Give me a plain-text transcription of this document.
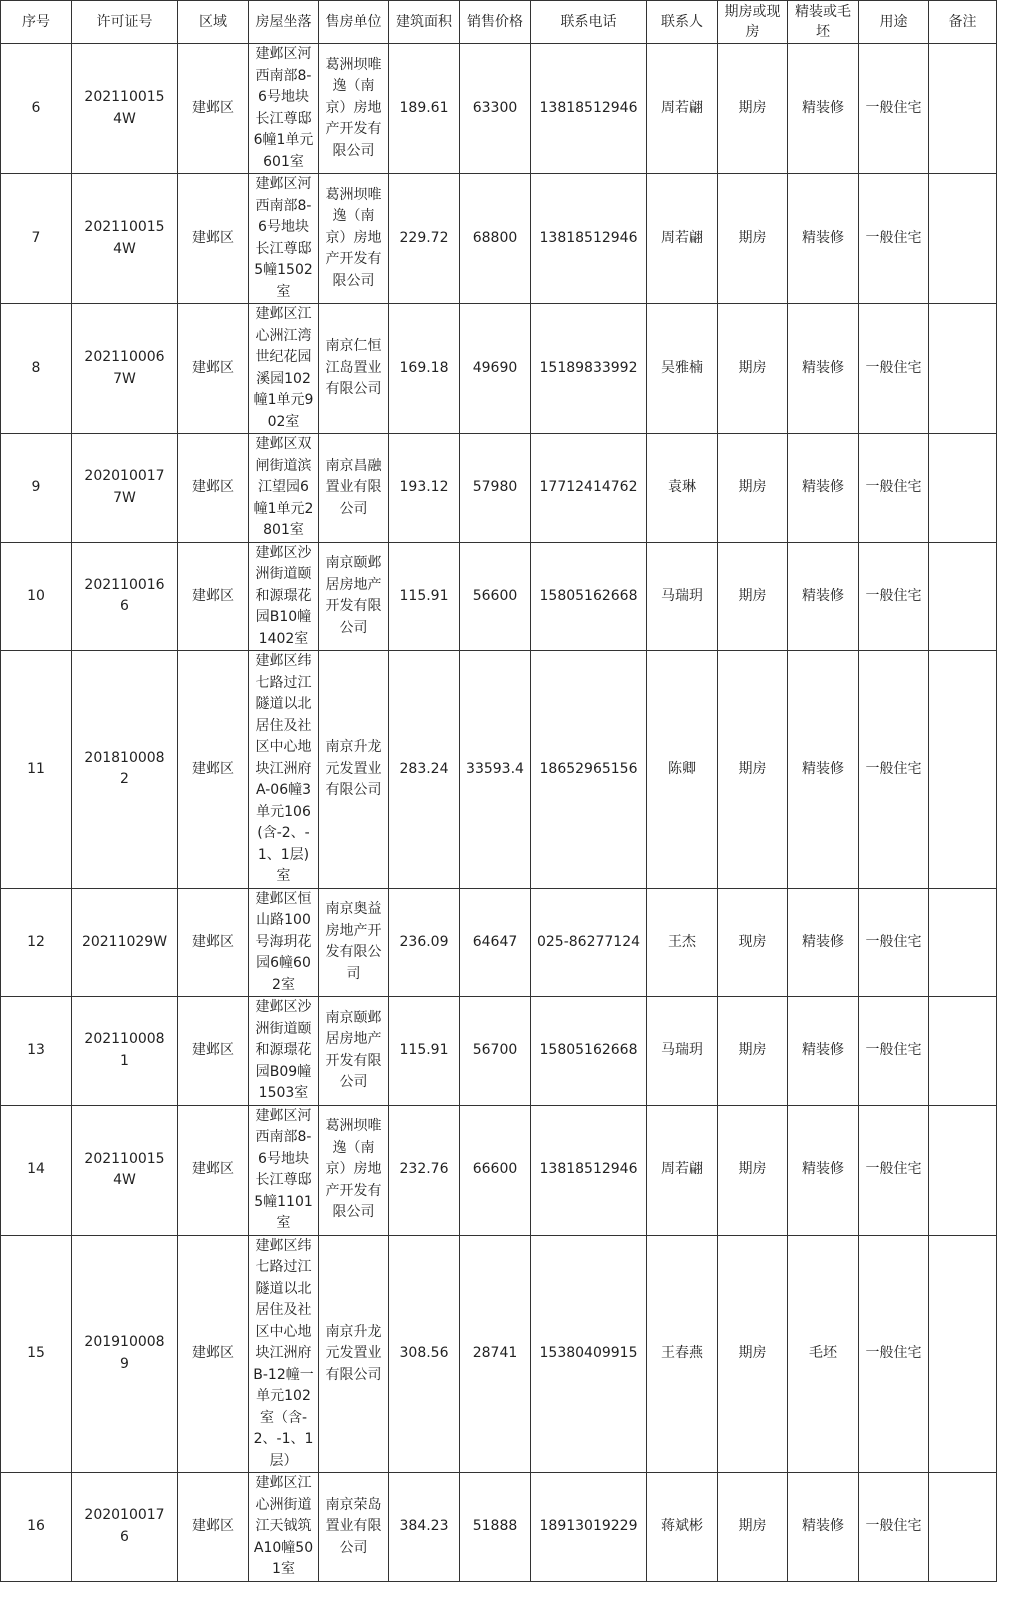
序号	许可证号	区域	房屋坐落	售房单位	建筑面积	销售价格	联系电话	联系人	期房或现房	精装或毛坯	用途	备注
6	2021100154W	建邺区	建邺区河西南部8-6号地块长江尊邸6幢1单元601室	葛洲坝唯逸（南京）房地产开发有限公司	189.61	63300	13818512946	周若翩	期房	精装修	一般住宅	
7	2021100154W	建邺区	建邺区河西南部8-6号地块长江尊邸5幢1502室	葛洲坝唯逸（南京）房地产开发有限公司	229.72	68800	13818512946	周若翩	期房	精装修	一般住宅	
8	2021100067W	建邺区	建邺区江心洲江湾世纪花园溪园102幢1单元902室	南京仁恒江岛置业有限公司	169.18	49690	15189833992	吴雅楠	期房	精装修	一般住宅	
9	2020100177W	建邺区	建邺区双闸街道滨江望园6幢1单元2801室	南京昌融置业有限公司	193.12	57980	17712414762	袁琳	期房	精装修	一般住宅	
10	2021100166	建邺区	建邺区沙洲街道颐和源璟花园B10幢1402室	南京颐邺居房地产开发有限公司	115.91	56600	15805162668	马瑞玥	期房	精装修	一般住宅	
11	2018100082	建邺区	建邺区纬七路过江隧道以北居住及社区中心地块江洲府A-06幢3单元106(含-2、-1、1层)室	南京升龙元发置业有限公司	283.24	33593.4	18652965156	陈卿	期房	精装修	一般住宅	
12	20211029W	建邺区	建邺区恒山路100号海玥花园6幢602室	南京奥益房地产开发有限公司	236.09	64647	025-86277124	王杰	现房	精装修	一般住宅	
13	2021100081	建邺区	建邺区沙洲街道颐和源璟花园B09幢1503室	南京颐邺居房地产开发有限公司	115.91	56700	15805162668	马瑞玥	期房	精装修	一般住宅	
14	2021100154W	建邺区	建邺区河西南部8-6号地块长江尊邸5幢1101室	葛洲坝唯逸（南京）房地产开发有限公司	232.76	66600	13818512946	周若翩	期房	精装修	一般住宅	
15	2019100089	建邺区	建邺区纬七路过江隧道以北居住及社区中心地块江洲府B-12幢一单元102室（含-2、-1、1层）	南京升龙元发置业有限公司	308.56	28741	15380409915	王春燕	期房	毛坯	一般住宅	
16	2020100176	建邺区	建邺区江心洲街道江天钺筑A10幢501室	南京荣岛置业有限公司	384.23	51888	18913019229	蒋斌彬	期房	精装修	一般住宅	
